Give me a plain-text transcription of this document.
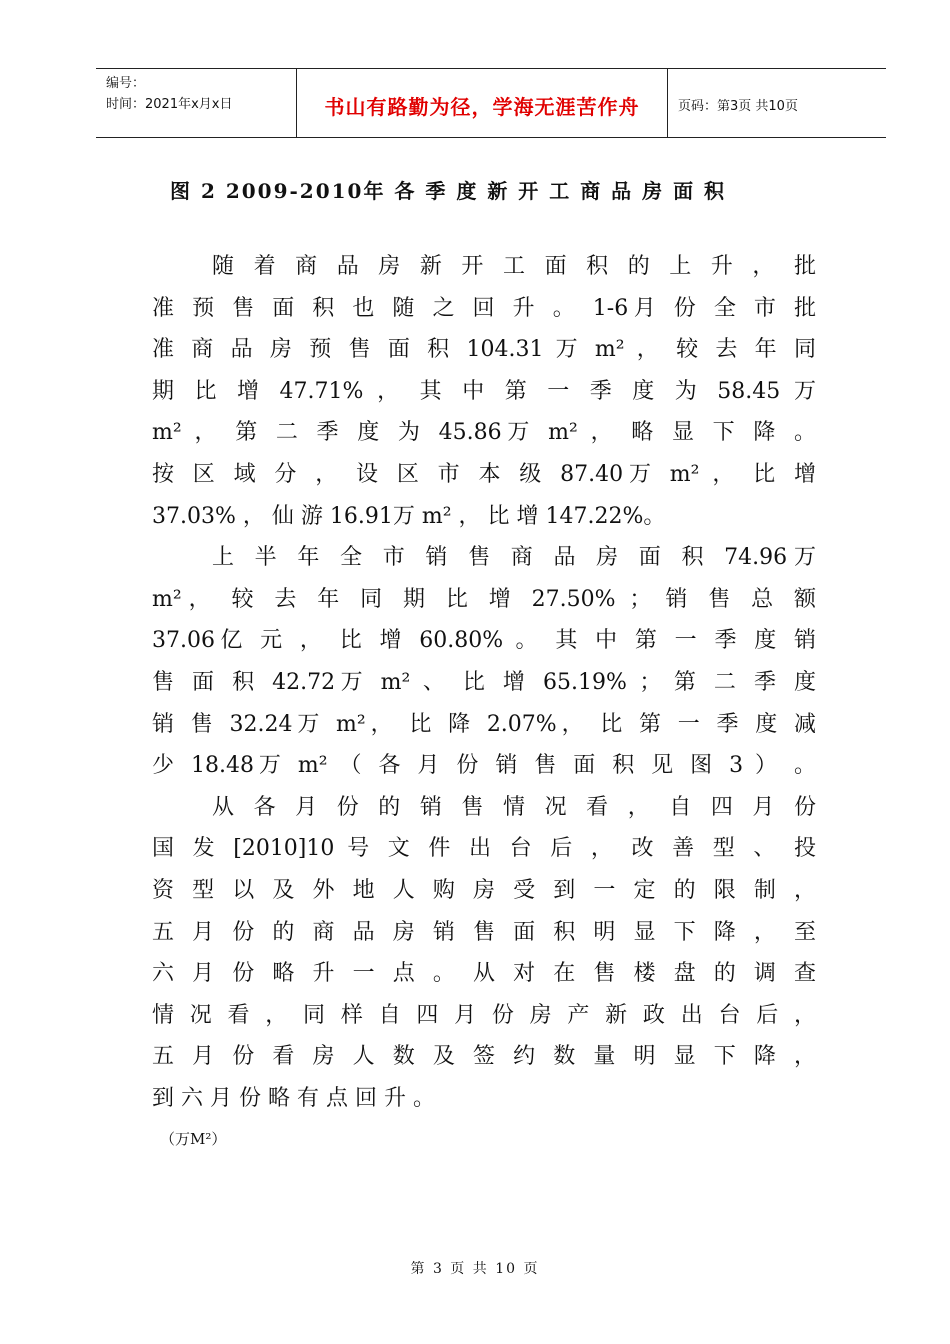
编号：
时间：2021年x月x日	书山有路勤为径，学海无涯苦作舟	页码：第3页 共10页
图 2 2009-2010年 各 季 度 新 开 工 商 品 房 面 积
随 着 商 品 房 新 开 工 面 积 的 上 升 ， 批
准 预 售 面 积 也 随 之 回 升 。 1-6月 份 全 市 批
准 商 品 房 预 售 面 积 104.31 万 m² ， 较 去 年 同
期 比 增 47.71% ， 其 中 第 一 季 度 为 58.45 万
m² ， 第 二 季 度 为 45.86万 m² ， 略 显 下 降 。
按 区 域 分 ， 设 区 市 本 级 87.40万 m² ， 比 增
37.03% ， 仙 游 16.91万 m² ， 比 增 147.22%。
上 半 年 全 市 销 售 商 品 房 面 积 74.96万
m²， 较 去 年 同 期 比 增 27.50% ； 销 售 总 额
37.06亿 元 ， 比 增 60.80% 。 其 中 第 一 季 度 销
售 面 积 42.72万 m² 、 比 增 65.19% ； 第 二 季 度
销 售 32.24万 m²， 比 降 2.07%， 比 第 一 季 度 减
少 18.48万 m² （ 各 月 份 销 售 面 积 见 图 3 ） 。
从 各 月 份 的 销 售 情 况 看 ， 自 四 月 份
国 发 [2010]10 号 文 件 出 台 后 ， 改 善 型 、 投
资 型 以 及 外 地 人 购 房 受 到 一 定 的 限 制 ，
五 月 份 的 商 品 房 销 售 面 积 明 显 下 降 ， 至
六 月 份 略 升 一 点 。 从 对 在 售 楼 盘 的 调 查
情 况 看 ， 同 样 自 四 月 份 房 产 新 政 出 台 后 ，
五 月 份 看 房 人 数 及 签 约 数 量 明 显 下 降 ，
到 六 月 份 略 有 点 回 升 。
（万M²）
第 3 页 共 10 页
